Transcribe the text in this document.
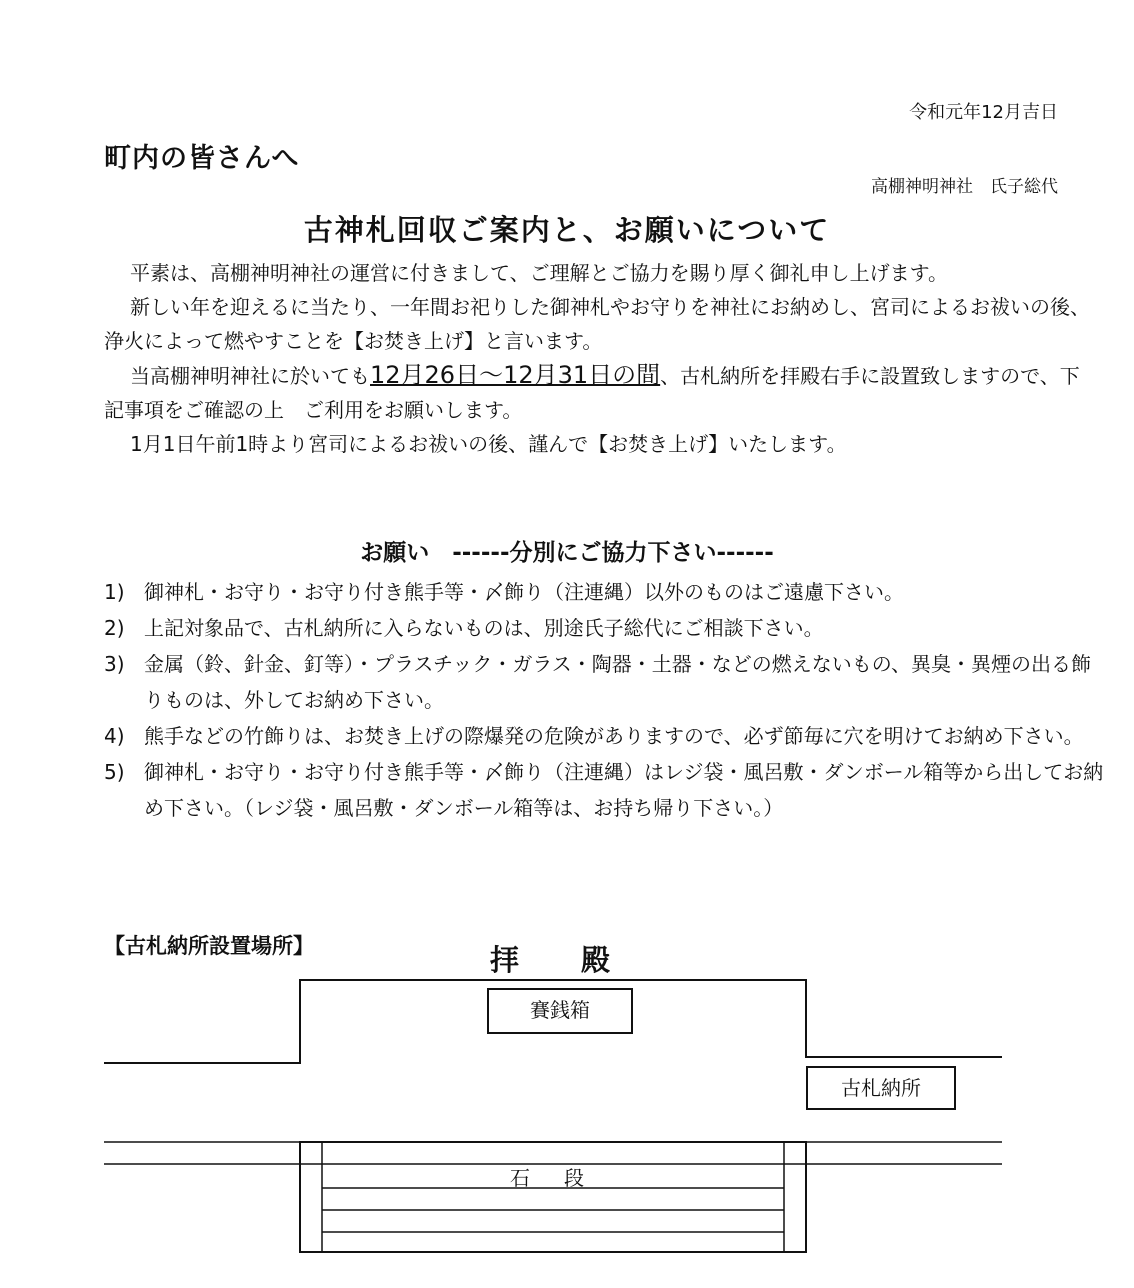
令和元年12月吉日
町内の皆さんへ
高棚神明神社　氏子総代
古神札回収ご案内と、お願いについて

平素は、高棚神明神社の運営に付きまして、ご理解とご協力を賜り厚く御礼申し上げます。

新しい年を迎えるに当たり、一年間お祀りした御神札やお守りを神社にお納めし、宮司によるお祓いの後、浄火によって燃やすことを【お焚き上げ】と言います。

当高棚神明神社に於いても12月26日～12月31日の間、古札納所を拝殿右手に設置致しますので、下記事項をご確認の上　ご利用をお願いします。

1月1日午前1時より宮司によるお祓いの後、謹んで【お焚き上げ】いたします。

お願い　------分別にご協力下さい------
1) 御神札・お守り・お守り付き熊手等・〆飾り（注連縄）以外のものはご遠慮下さい。
2) 上記対象品で、古札納所に入らないものは、別途氏子総代にご相談下さい。
3) 金属（鈴、針金、釘等）・プラスチック・ガラス・陶器・土器・などの燃えないもの、異臭・異煙の出る飾りものは、外してお納め下さい。
4) 熊手などの竹飾りは、お焚き上げの際爆発の危険がありますので、必ず節毎に穴を明けてお納め下さい。
5) 御神札・お守り・お守り付き熊手等・〆飾り（注連縄）はレジ袋・風呂敷・ダンボール箱等から出してお納め下さい。（レジ袋・風呂敷・ダンボール箱等は、お持ち帰り下さい。）
【古札納所設置場所】	拝殿
賽銭箱
古札納所
石段
